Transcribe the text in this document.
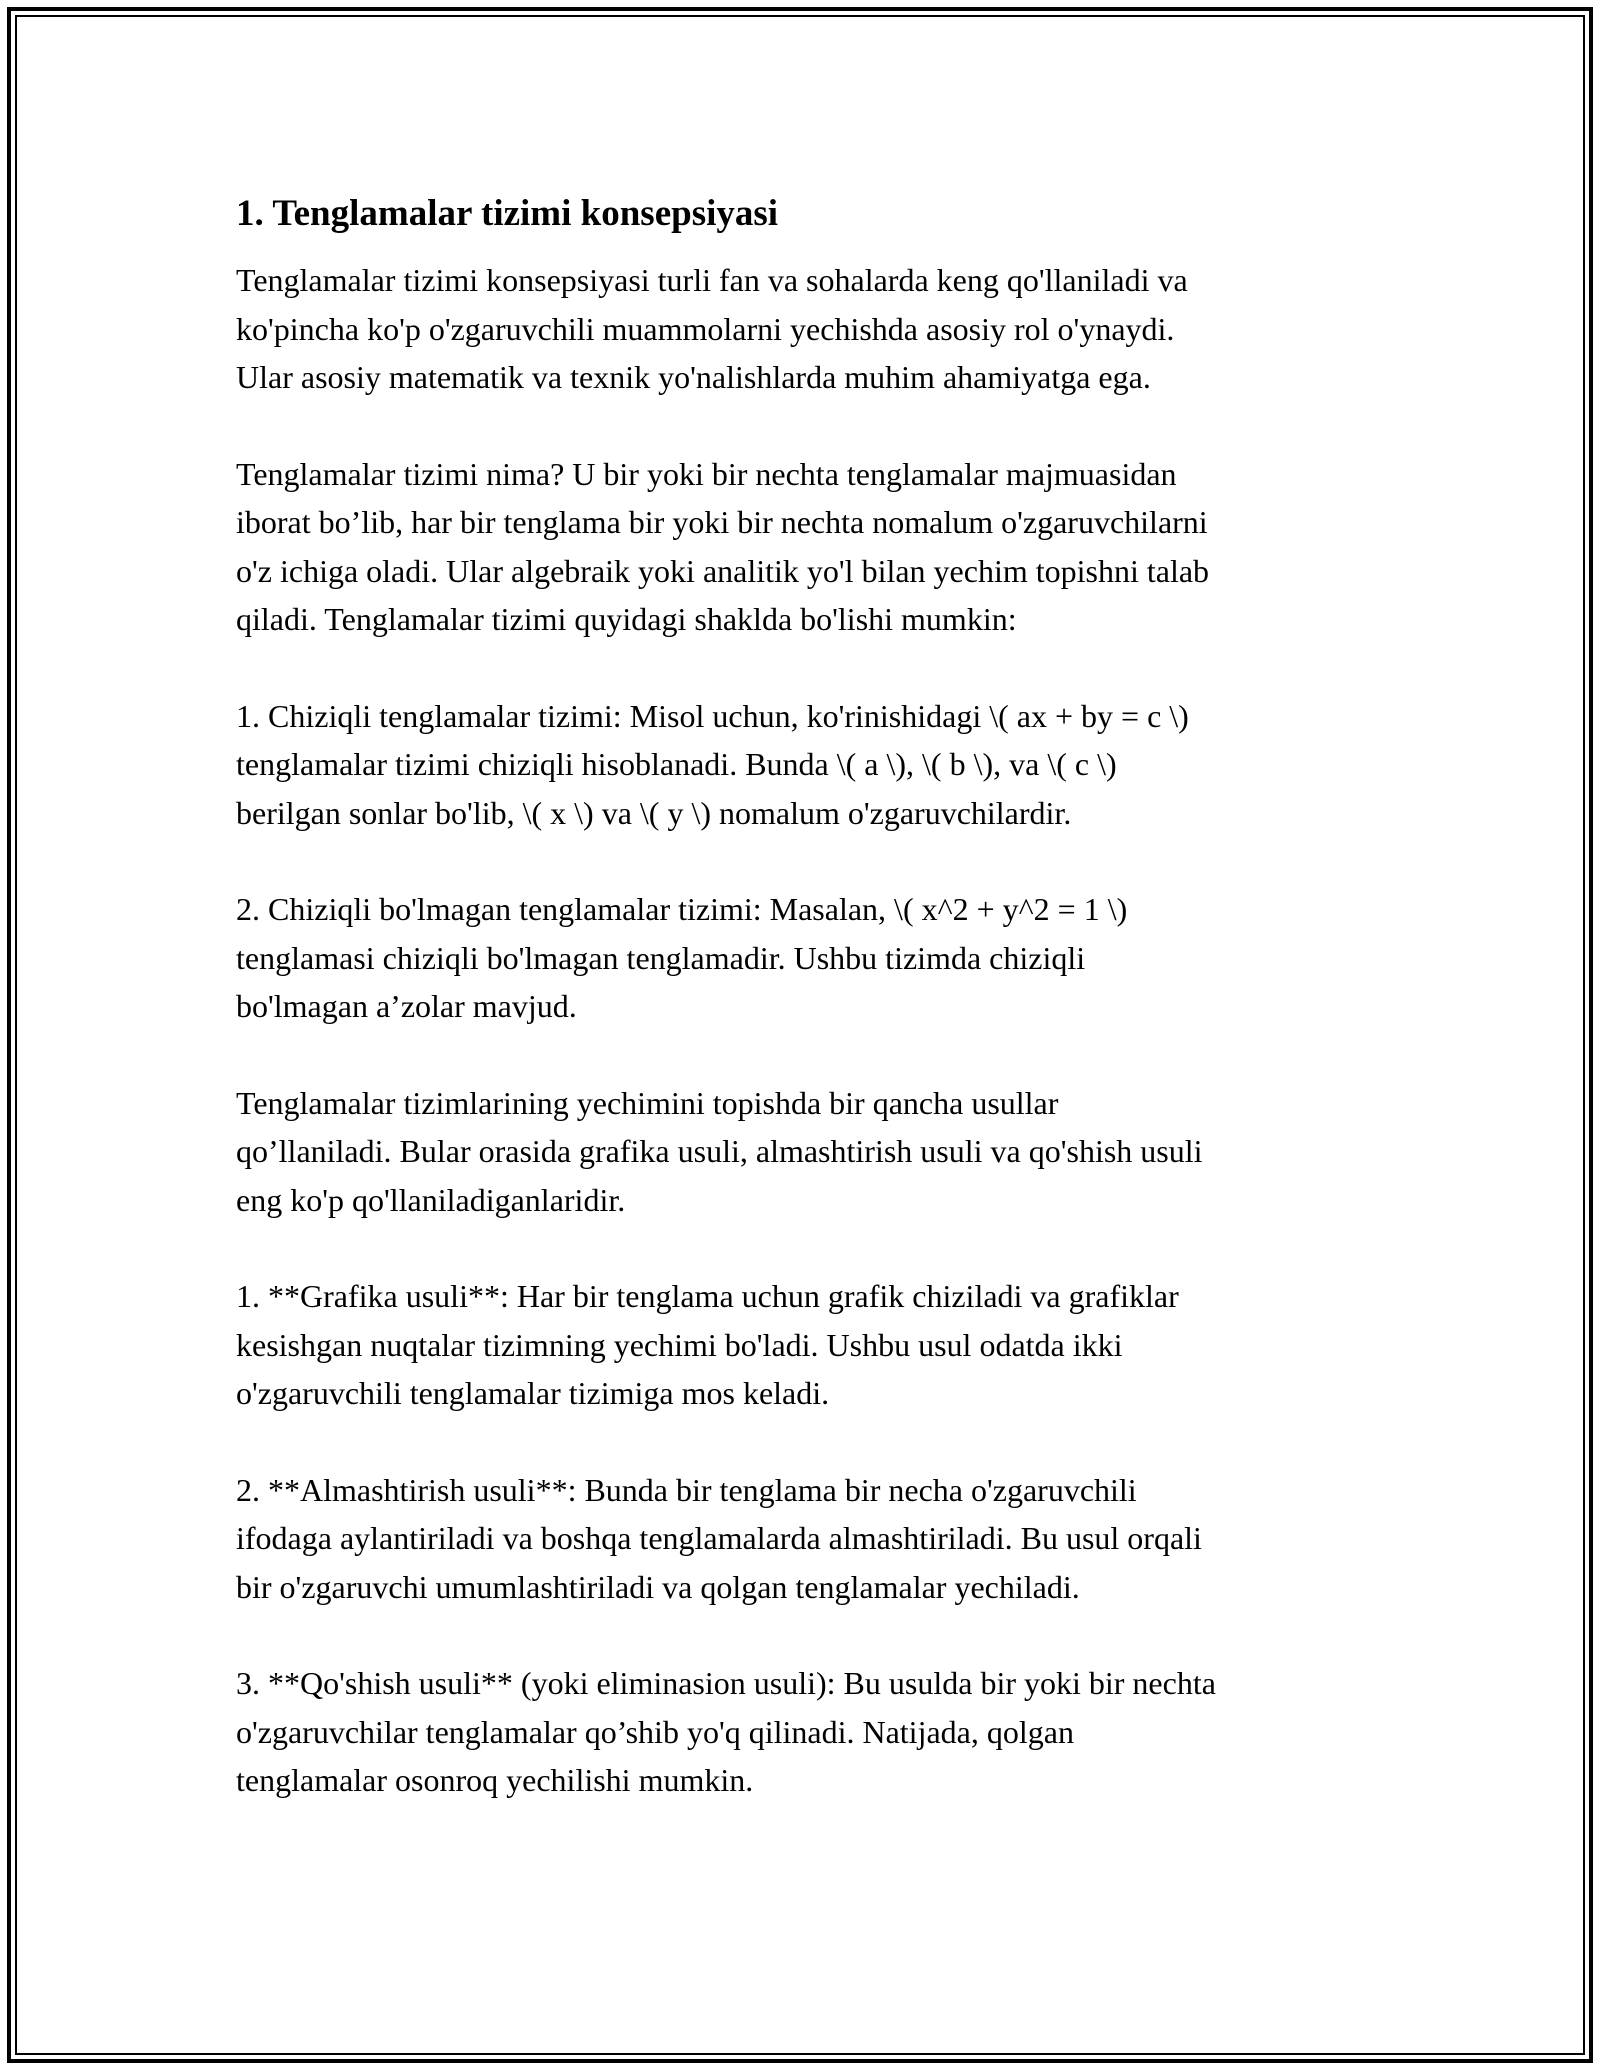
1. Tenglamalar tizimi konsepsiyasi

Tenglamalar tizimi konsepsiyasi turli fan va sohalarda keng qo'llaniladi va
ko'pincha ko'p o'zgaruvchili muammolarni yechishda asosiy rol o'ynaydi.
Ular asosiy matematik va texnik yo'nalishlarda muhim ahamiyatga ega.

Tenglamalar tizimi nima? U bir yoki bir nechta tenglamalar majmuasidan
iborat bo’lib, har bir tenglama bir yoki bir nechta nomalum o'zgaruvchilarni
o'z ichiga oladi. Ular algebraik yoki analitik yo'l bilan yechim topishni talab
qiladi. Tenglamalar tizimi quyidagi shaklda bo'lishi mumkin:

1. Chiziqli tenglamalar tizimi: Misol uchun, ko'rinishidagi \( ax + by = c \)
tenglamalar tizimi chiziqli hisoblanadi. Bunda \( a \), \( b \), va \( c \)
berilgan sonlar bo'lib, \( x \) va \( y \) nomalum o'zgaruvchilardir.

2. Chiziqli bo'lmagan tenglamalar tizimi: Masalan, \( x^2 + y^2 = 1 \)
tenglamasi chiziqli bo'lmagan tenglamadir. Ushbu tizimda chiziqli
bo'lmagan a’zolar mavjud.

Tenglamalar tizimlarining yechimini topishda bir qancha usullar
qo’llaniladi. Bular orasida grafika usuli, almashtirish usuli va qo'shish usuli
eng ko'p qo'llaniladiganlaridir.

1. **Grafika usuli**: Har bir tenglama uchun grafik chiziladi va grafiklar
kesishgan nuqtalar tizimning yechimi bo'ladi. Ushbu usul odatda ikki
o'zgaruvchili tenglamalar tizimiga mos keladi.

2. **Almashtirish usuli**: Bunda bir tenglama bir necha o'zgaruvchili
ifodaga aylantiriladi va boshqa tenglamalarda almashtiriladi. Bu usul orqali
bir o'zgaruvchi umumlashtiriladi va qolgan tenglamalar yechiladi.

3. **Qo'shish usuli** (yoki eliminasion usuli): Bu usulda bir yoki bir nechta
o'zgaruvchilar tenglamalar qo’shib yo'q qilinadi. Natijada, qolgan
tenglamalar osonroq yechilishi mumkin.
